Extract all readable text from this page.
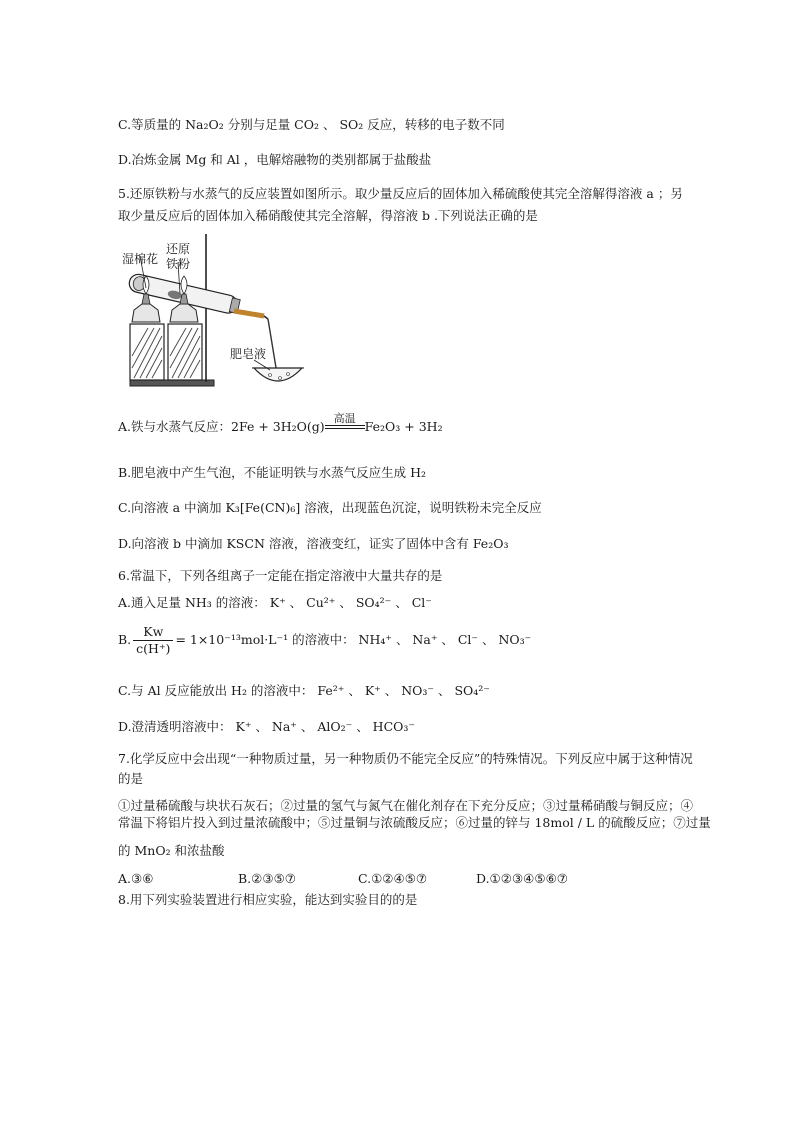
C.等质量的 Na₂O₂ 分别与足量 CO₂ 、 SO₂ 反应，转移的电子数不同
D.冶炼金属 Mg 和 Al ，电解熔融物的类别都属于盐酸盐
5.还原铁粉与水蒸气的反应装置如图所示。取少量反应后的固体加入稀硫酸使其完全溶解得溶液 a ；另取少量反应后的固体加入稀硝酸使其完全溶解，得溶液 b .下列说法正确的是
湿棉花
还原
铁粉
肥皂液
A.铁与水蒸气反应：2Fe + 3H₂O(g)
高温
Fe₂O₃ + 3H₂
B.肥皂液中产生气泡，不能证明铁与水蒸气反应生成 H₂
C.向溶液 a 中滴加 K₃[Fe(CN)₆] 溶液，出现蓝色沉淀，说明铁粉未完全反应
D.向溶液 b 中滴加 KSCN 溶液，溶液变红，证实了固体中含有 Fe₂O₃
6.常温下，下列各组离子一定能在指定溶液中大量共存的是
A.通入足量 NH₃ 的溶液： K⁺ 、 Cu²⁺ 、 SO₄²⁻ 、 Cl⁻
B. $\frac{Kw}{c(H^+)} = 1\times 10^{-13}mol\cdot L^{-1}$ 的溶液中： NH₄⁺ 、 Na⁺ 、 Cl⁻ 、 NO₃⁻
C.与 Al 反应能放出 H₂ 的溶液中： Fe²⁺ 、 K⁺ 、 NO₃⁻ 、 SO₄²⁻
D.澄清透明溶液中： K⁺ 、 Na⁺ 、 AlO₂⁻ 、 HCO₃⁻
7.化学反应中会出现“一种物质过量，另一种物质仍不能完全反应”的特殊情况。下列反应中属于这种情况
的是
①过量稀硫酸与块状石灰石；②过量的氢气与氮气在催化剂存在下充分反应；③过量稀硝酸与铜反应；④
常温下将铝片投入到过量浓硫酸中；⑤过量铜与浓硫酸反应；⑥过量的锌与 18mol / L 的硫酸反应；⑦过量
的 MnO₂ 和浓盐酸
A.③⑥	B.②③⑤⑦	C.①②④⑤⑦	D.①②③④⑤⑥⑦
8.用下列实验装置进行相应实验，能达到实验目的的是
